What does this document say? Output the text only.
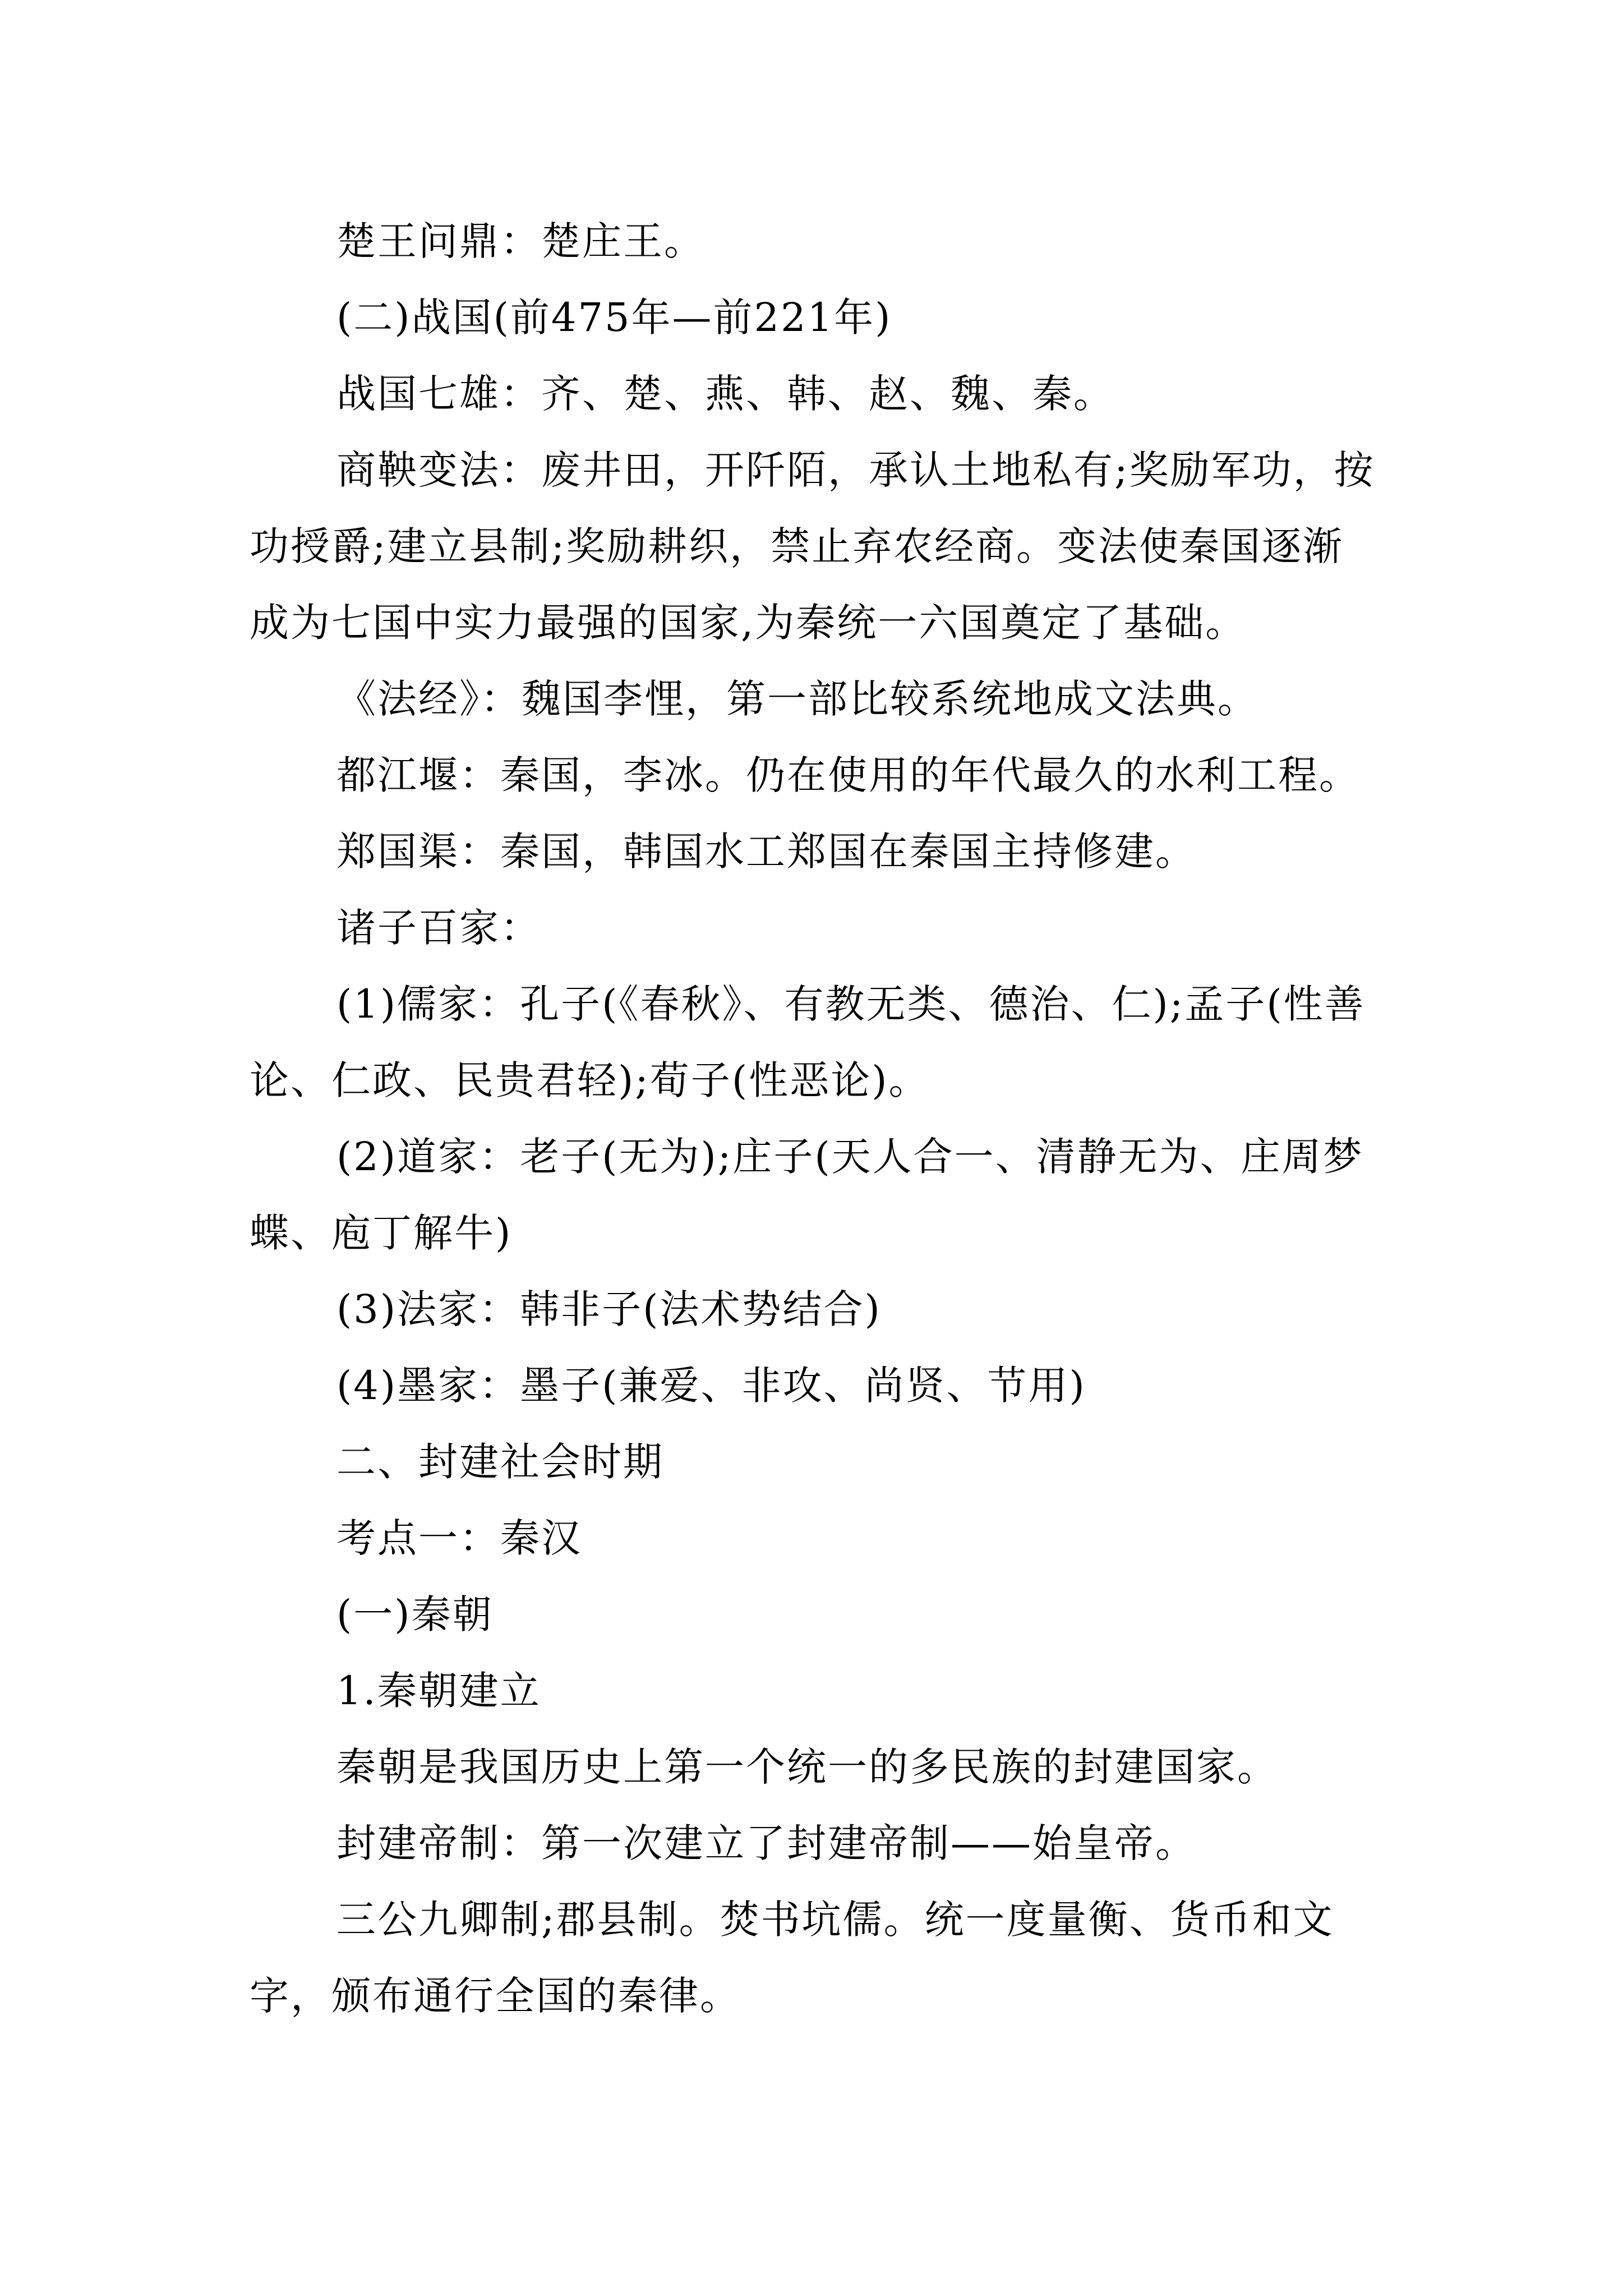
楚王问鼎：楚庄王。

(二)战国(前475年—前221年)

战国七雄：齐、楚、燕、韩、赵、魏、秦。

商鞅变法：废井田，开阡陌，承认土地私有;奖励军功，按功授爵;建立县制;奖励耕织，禁止弃农经商。变法使秦国逐渐成为七国中实力最强的国家,为秦统一六国奠定了基础。

《法经》：魏国李悝，第一部比较系统地成文法典。

都江堰：秦国，李冰。仍在使用的年代最久的水利工程。

郑国渠：秦国，韩国水工郑国在秦国主持修建。

诸子百家：

(1)儒家：孔子(《春秋》、有教无类、德治、仁);孟子(性善论、仁政、民贵君轻);荀子(性恶论)。

(2)道家：老子(无为);庄子(天人合一、清静无为、庄周梦蝶、庖丁解牛)

(3)法家：韩非子(法术势结合)

(4)墨家：墨子(兼爱、非攻、尚贤、节用)

二、封建社会时期

考点一：秦汉

(一)秦朝

1.秦朝建立

秦朝是我国历史上第一个统一的多民族的封建国家。

封建帝制：第一次建立了封建帝制——始皇帝。

三公九卿制;郡县制。焚书坑儒。统一度量衡、货币和文字，颁布通行全国的秦律。
